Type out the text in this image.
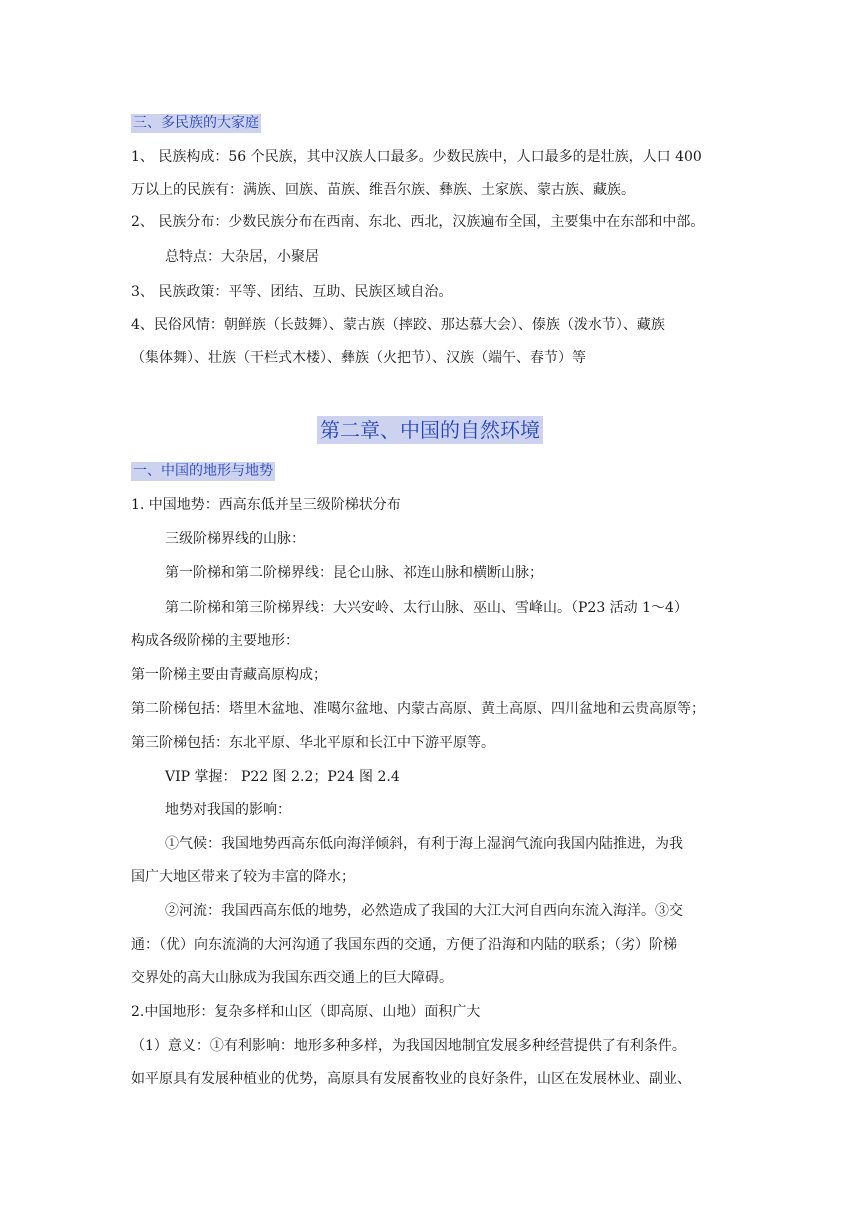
三、多民族的大家庭
1、 民族构成：56 个民族，其中汉族人口最多。少数民族中，人口最多的是壮族，人口 400
万以上的民族有：满族、回族、苗族、维吾尔族、彝族、土家族、蒙古族、藏族。
2、 民族分布：少数民族分布在西南、东北、西北，汉族遍布全国，主要集中在东部和中部。
总特点：大杂居，小聚居
3、 民族政策：平等、团结、互助、民族区域自治。
4、民俗风情：朝鲜族（长鼓舞）、蒙古族（摔跤、那达慕大会）、傣族（泼水节）、藏族
（集体舞）、壮族（干栏式木楼）、彝族（火把节）、汉族（端午、春节）等
第二章、中国的自然环境
一、中国的地形与地势
1. 中国地势：西高东低并呈三级阶梯状分布
三级阶梯界线的山脉：
第一阶梯和第二阶梯界线：昆仑山脉、祁连山脉和横断山脉；
第二阶梯和第三阶梯界线：大兴安岭、太行山脉、巫山、雪峰山。（P23 活动 1～4）
构成各级阶梯的主要地形：
第一阶梯主要由青藏高原构成；
第二阶梯包括：塔里木盆地、准噶尔盆地、内蒙古高原、黄土高原、四川盆地和云贵高原等；
第三阶梯包括：东北平原、华北平原和长江中下游平原等。
VIP 掌握： P22 图 2.2；P24 图 2.4
地势对我国的影响：
①气候：我国地势西高东低向海洋倾斜，有利于海上湿润气流向我国内陆推进，为我
国广大地区带来了较为丰富的降水；
②河流：我国西高东低的地势，必然造成了我国的大江大河自西向东流入海洋。③交
通：（优）向东流淌的大河沟通了我国东西的交通，方便了沿海和内陆的联系；（劣）阶梯
交界处的高大山脉成为我国东西交通上的巨大障碍。
2.中国地形：复杂多样和山区（即高原、山地）面积广大
（1）意义：①有利影响：地形多种多样，为我国因地制宜发展多种经营提供了有利条件。
如平原具有发展种植业的优势，高原具有发展畜牧业的良好条件，山区在发展林业、副业、
